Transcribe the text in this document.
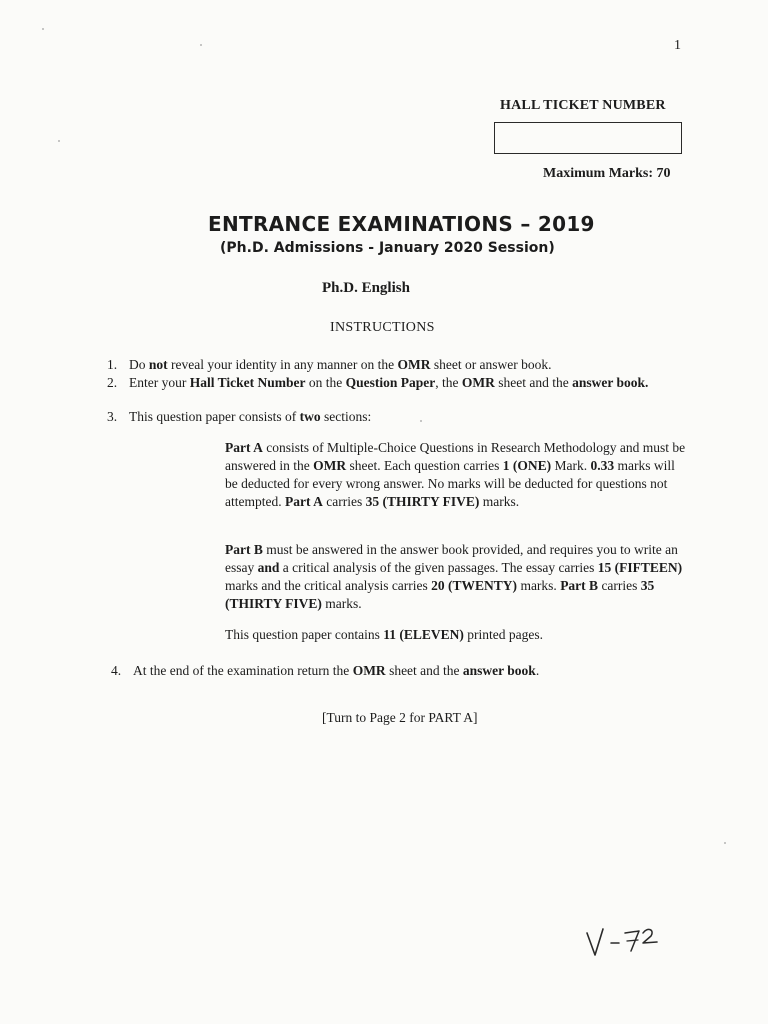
1
HALL TICKET NUMBER
Maximum Marks: 70
ENTRANCE EXAMINATIONS – 2019
(Ph.D. Admissions - January 2020 Session)
Ph.D. English
INSTRUCTIONS
1. Do not reveal your identity in any manner on the OMR sheet or answer book.
2. Enter your Hall Ticket Number on the Question Paper, the OMR sheet and the answer book.
3. This question paper consists of two sections:
Part A consists of Multiple-Choice Questions in Research Methodology and must be answered in the OMR sheet. Each question carries 1 (ONE) Mark. 0.33 marks will be deducted for every wrong answer. No marks will be deducted for questions not attempted. Part A carries 35 (THIRTY FIVE) marks.
Part B must be answered in the answer book provided, and requires you to write an essay and a critical analysis of the given passages. The essay carries 15 (FIFTEEN) marks and the critical analysis carries 20 (TWENTY) marks. Part B carries 35 (THIRTY FIVE) marks.
This question paper contains 11 (ELEVEN) printed pages.
4. At the end of the examination return the OMR sheet and the answer book.
[Turn to Page 2 for PART A]
